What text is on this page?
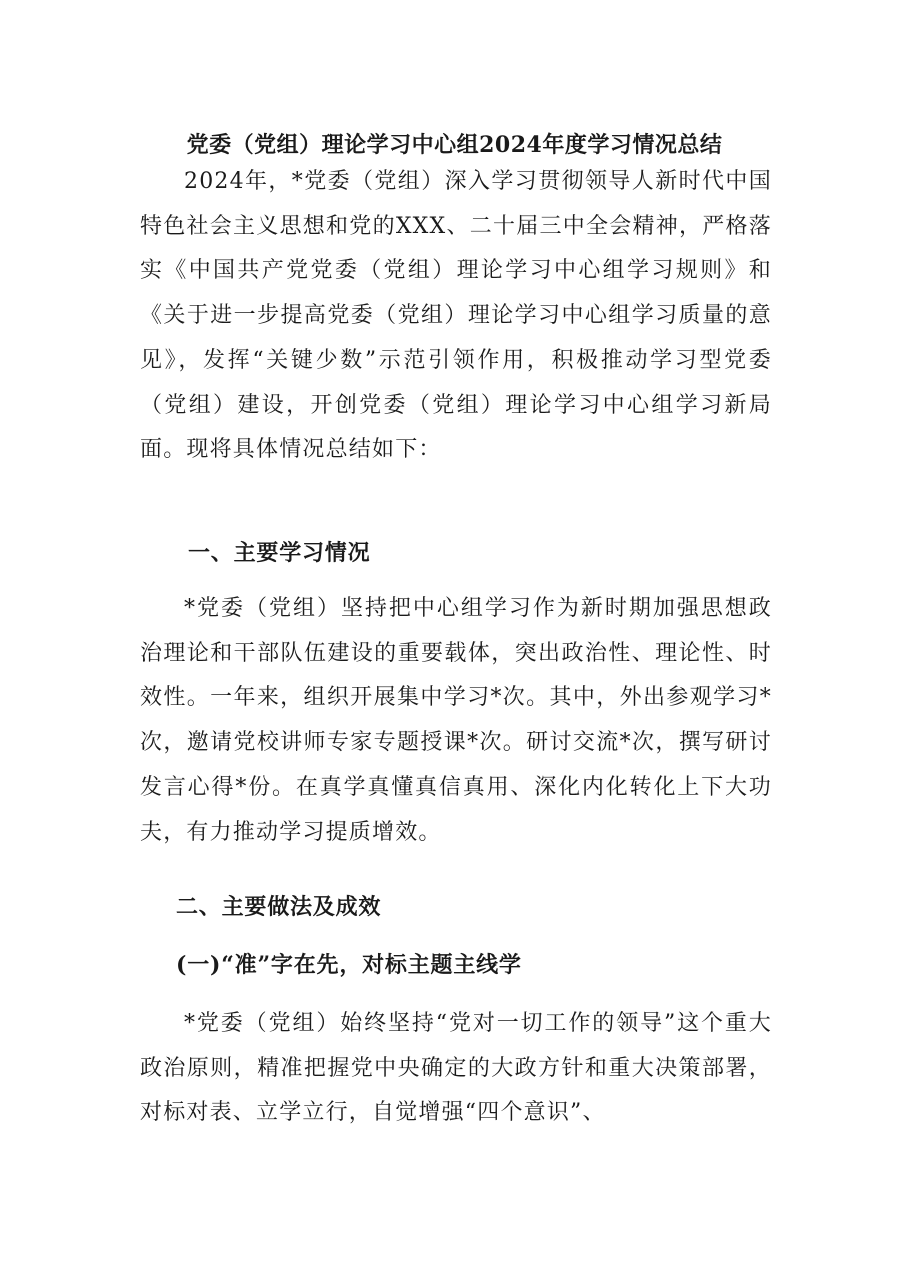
党委（党组）理论学习中心组2024年度学习情况总结
2024年，*党委（党组）深入学习贯彻领导人新时代中国特色社会主义思想和党的XXX、二十届三中全会精神，严格落实《中国共产党党委（党组）理论学习中心组学习规则》和《关于进一步提高党委（党组）理论学习中心组学习质量的意见》，发挥“关键少数”示范引领作用，积极推动学习型党委（党组）建设，开创党委（党组）理论学习中心组学习新局面。现将具体情况总结如下：
一、主要学习情况
*党委（党组）坚持把中心组学习作为新时期加强思想政治理论和干部队伍建设的重要载体，突出政治性、理论性、时效性。一年来，组织开展集中学习*次。其中，外出参观学习*次，邀请党校讲师专家专题授课*次。研讨交流*次，撰写研讨发言心得*份。在真学真懂真信真用、深化内化转化上下大功夫，有力推动学习提质增效。
二、主要做法及成效
(一)“准”字在先，对标主题主线学
*党委（党组）始终坚持“党对一切工作的领导”这个重大政治原则，精准把握党中央确定的大政方针和重大决策部署，对标对表、立学立行，自觉增强“四个意识”、
